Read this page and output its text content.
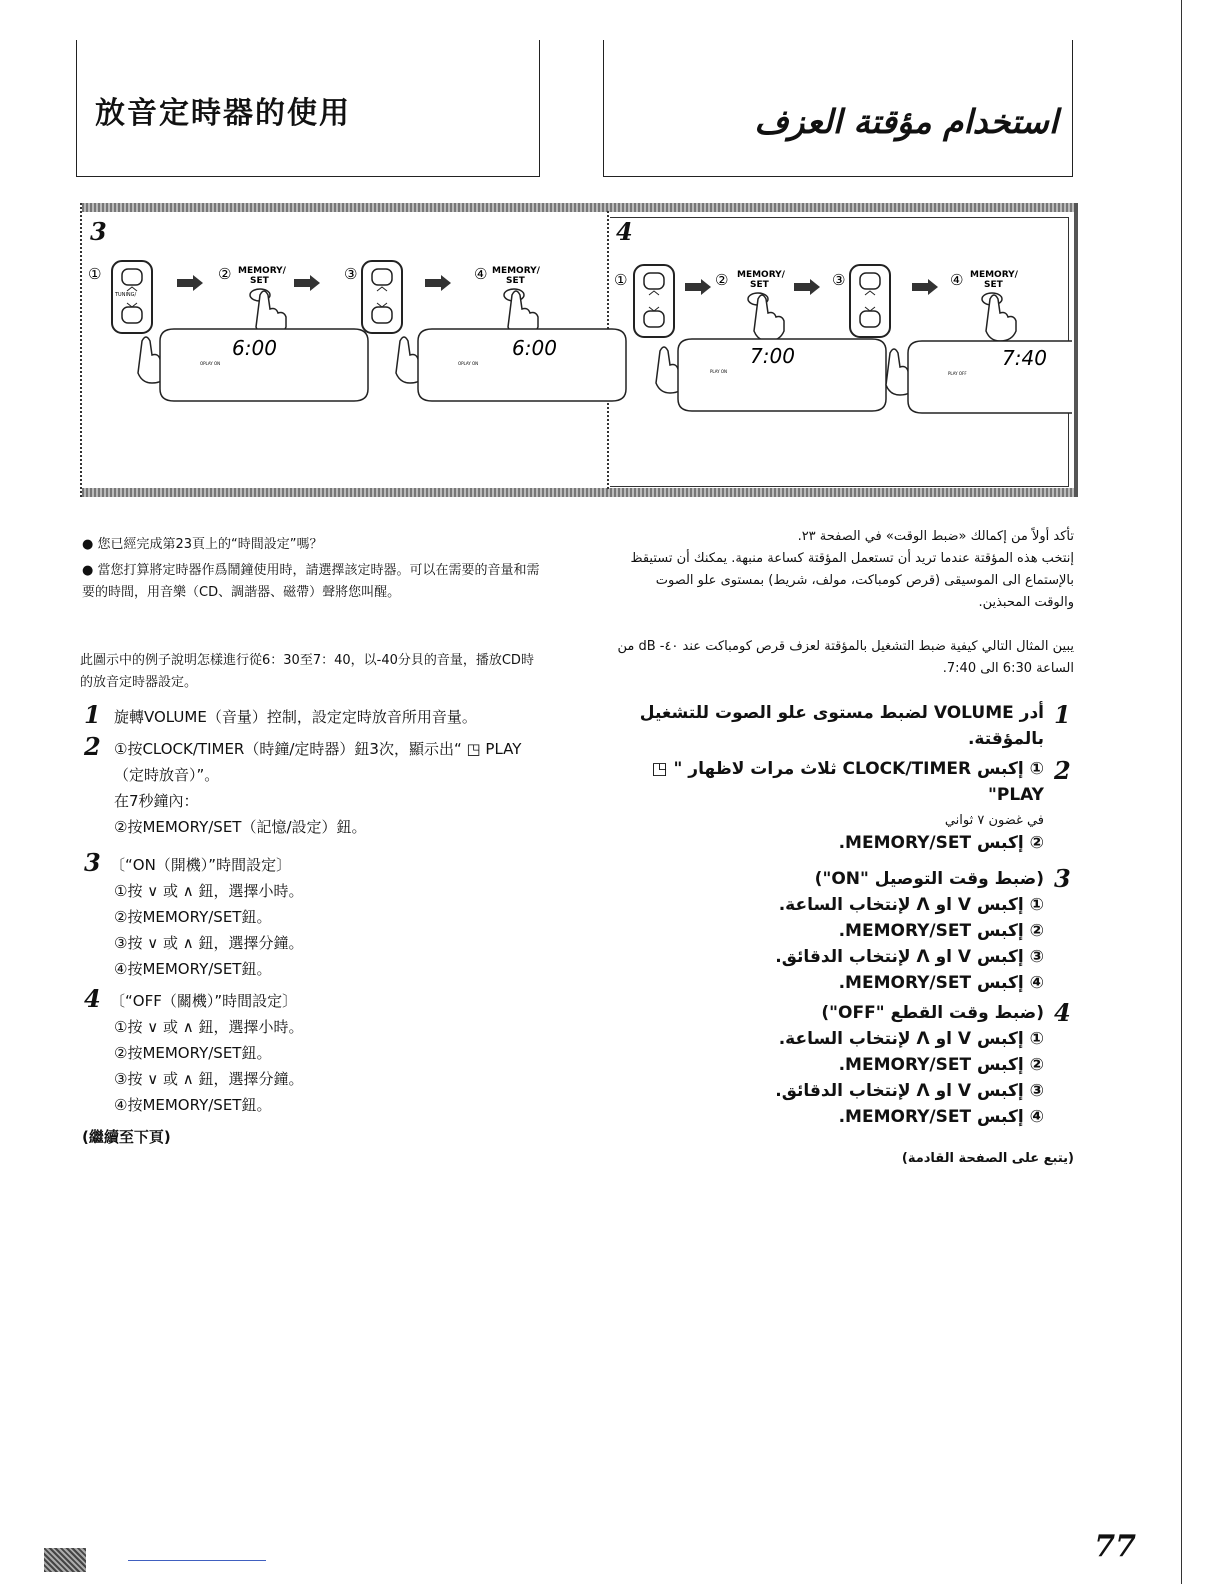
放音定時器的使用	استخدام مؤقتة العزف
3	4
①
TUNING/
② MEMORY/
SET	③	④ MEMORY/
SET
6:00
OPLAY ON
6:00
OPLAY ON
①	② MEMORY/
SET	③	④ MEMORY/
SET
7:00
PLAY ON
7:40
PLAY OFF
● 您已經完成第23頁上的“時間設定”嗎？
● 當您打算將定時器作爲鬧鐘使用時，請選擇該定時器。可以在需要的音量和需要的時間，用音樂（CD、調諧器、磁帶）聲將您叫醒。
此圖示中的例子說明怎樣進行從6：30至7：40，以-40分貝的音量，播放CD時的放音定時器設定。
1 旋轉VOLUME（音量）控制，設定定時放音所用音量。
2 ①按CLOCK/TIMER（時鐘/定時器）鈕3次，顯示出“ ◳ PLAY（定時放音）”。
在7秒鐘內：
②按MEMORY/SET（記憶/設定）鈕。
3 〔“ON（開機）”時間設定〕
①按 ∨ 或 ∧ 鈕，選擇小時。
②按MEMORY/SET鈕。
③按 ∨ 或 ∧ 鈕，選擇分鐘。
④按MEMORY/SET鈕。
4 〔“OFF（關機）”時間設定〕
①按 ∨ 或 ∧ 鈕，選擇小時。
②按MEMORY/SET鈕。
③按 ∨ 或 ∧ 鈕，選擇分鐘。
④按MEMORY/SET鈕。
(繼續至下頁)
تأكد أولاً من إكمالك «ضبط الوقت» في الصفحة ٢٣.
إنتخب هذه المؤقتة عندما تريد أن تستعمل المؤقتة كساعة منبهة. يمكنك أن تستيقظ بالإستماع الى الموسيقى (قرص كومباكت، مولف، شريط) بمستوى علو الصوت والوقت المحبذين.
يبين المثال التالي كيفية ضبط التشغيل بالمؤقتة لعزف قرص كومباكت عند ٤٠- dB من الساعة 6:30 الى 7:40.
1
أدر VOLUME لضبط مستوى علو الصوت للتشغيل بالمؤقتة.
2
① إكبس CLOCK/TIMER ثلاث مرات لاظهار " ◳ PLAY"
في غضون ٧ ثواني
② إكبس MEMORY/SET.
3
(ضبط وقت التوصيل "ON")
① إكبس V او Λ لإنتخاب الساعة.
② إكبس MEMORY/SET.
③ إكبس V او Λ لإنتخاب الدقائق.
④ إكبس MEMORY/SET.
4
(ضبط وقت القطع "OFF")
① إكبس V او Λ لإنتخاب الساعة.
② إكبس MEMORY/SET.
③ إكبس V او Λ لإنتخاب الدقائق.
④ إكبس MEMORY/SET.
(يتبع على الصفحة القادمة)
77
